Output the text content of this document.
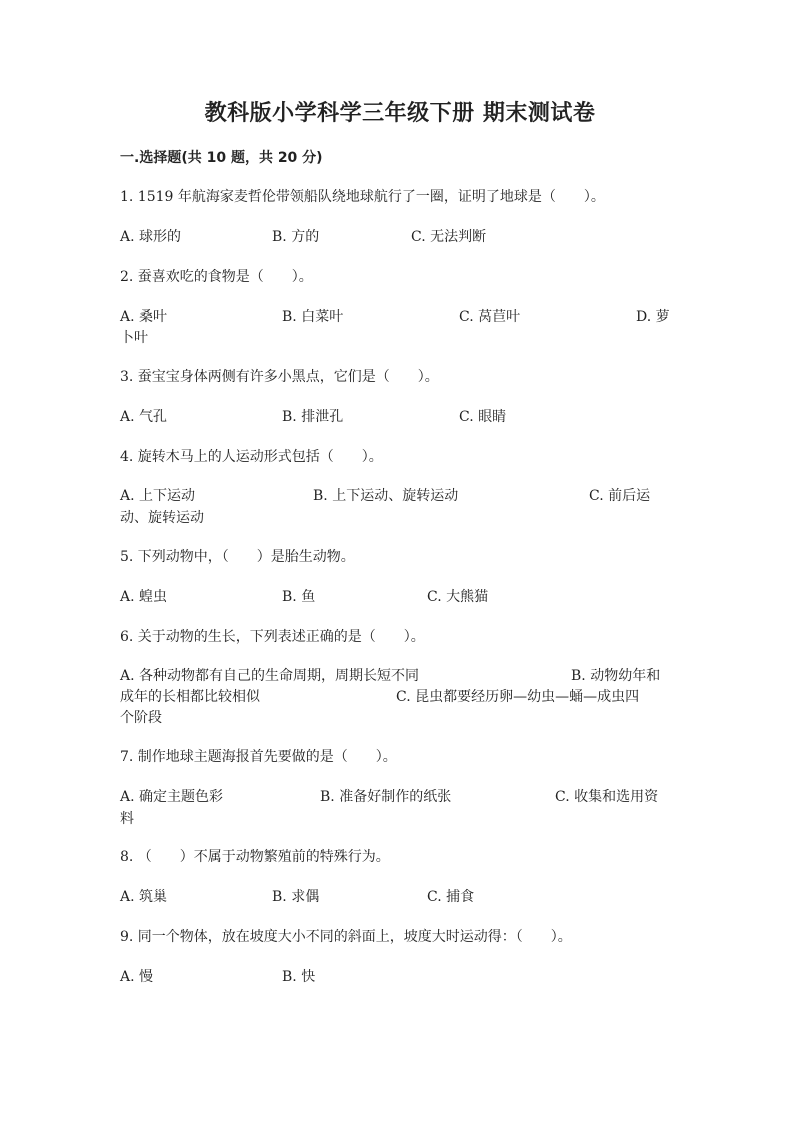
教科版小学科学三年级下册 期末测试卷
一.选择题(共 10 题，共 20 分)
1. 1519 年航海家麦哲伦带领船队绕地球航行了一圈，证明了地球是（　　）。
A. 球形的	B. 方的	C. 无法判断
2. 蚕喜欢吃的食物是（　　）。
A. 桑叶	B. 白菜叶	C. 莴苣叶	D. 萝
卜叶
3. 蚕宝宝身体两侧有许多小黑点，它们是（　　）。
A. 气孔	B. 排泄孔	C. 眼睛
4. 旋转木马上的人运动形式包括（　　）。
A. 上下运动	B. 上下运动、旋转运动	C. 前后运
动、旋转运动
5. 下列动物中，（　　）是胎生动物。
A. 蝗虫	B. 鱼	C. 大熊猫
6. 关于动物的生长，下列表述正确的是（　　）。
A. 各种动物都有自己的生命周期，周期长短不同	B. 动物幼年和
成年的长相都比较相似	C. 昆虫都要经历卵—幼虫—蛹—成虫四
个阶段
7. 制作地球主题海报首先要做的是（　　）。
A. 确定主题色彩	B. 准备好制作的纸张	C. 收集和选用资
料
8. （　　）不属于动物繁殖前的特殊行为。
A. 筑巢	B. 求偶	C. 捕食
9. 同一个物体，放在坡度大小不同的斜面上，坡度大时运动得：（　　）。
A. 慢	B. 快
